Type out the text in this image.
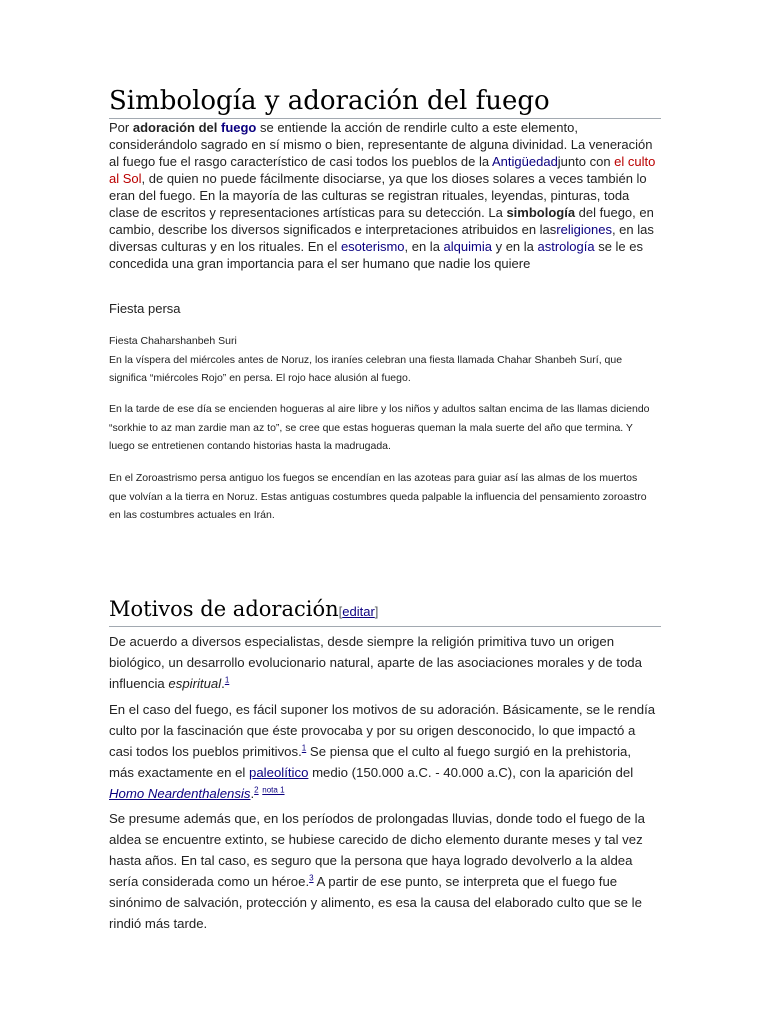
Simbología y adoración del fuego
Por adoración del fuego se entiende la acción de rendirle culto a este elemento, considerándolo sagrado en sí mismo o bien, representante de alguna divinidad. La veneración al fuego fue el rasgo característico de casi todos los pueblos de la Antigüedadjunto con el culto al Sol, de quien no puede fácilmente disociarse, ya que los dioses solares a veces también lo eran del fuego. En la mayoría de las culturas se registran rituales, leyendas, pinturas, toda clase de escritos y representaciones artísticas para su detección. La simbología del fuego, en cambio, describe los diversos significados e interpretaciones atribuidos en lasreligiones, en las diversas culturas y en los rituales. En el esoterismo, en la alquimia y en la astrología se le es concedida una gran importancia para el ser humano que nadie los quiere
Fiesta persa
Fiesta Chaharshanbeh Suri
En la víspera del miércoles antes de Noruz, los iraníes celebran una fiesta llamada Chahar Shanbeh Surí, que significa “miércoles Rojo” en persa. El rojo hace alusión al fuego.
En la tarde de ese día se encienden hogueras al aire libre y los niños y adultos saltan encima de las llamas diciendo “sorkhie to az man zardie man az to”, se cree que estas hogueras queman la mala suerte del año que termina. Y luego se entretienen contando historias hasta la madrugada.
En el Zoroastrismo persa antiguo los fuegos se encendían en las azoteas para guiar así las almas de los muertos que volvían a la tierra en Noruz. Estas antiguas costumbres queda palpable la influencia del pensamiento zoroastro en las costumbres actuales en Irán.
Motivos de adoración[editar]
De acuerdo a diversos especialistas, desde siempre la religión primitiva tuvo un origen biológico, un desarrollo evolucionario natural, aparte de las asociaciones morales y de toda influencia espiritual.$^1$
En el caso del fuego, es fácil suponer los motivos de su adoración. Básicamente, se le rendía culto por la fascinación que éste provocaba y por su origen desconocido, lo que impactó a casi todos los pueblos primitivos.$^1$ Se piensa que el culto al fuego surgió en la prehistoria, más exactamente en el paleolítico medio (150.000 a.C. - 40.000 a.C), con la aparición del Homo Neardenthalensis.$^2$ $^{nota 1}$
Se presume además que, en los períodos de prolongadas lluvias, donde todo el fuego de la aldea se encuentre extinto, se hubiese carecido de dicho elemento durante meses y tal vez hasta años. En tal caso, es seguro que la persona que haya logrado devolverlo a la aldea sería considerada como un héroe.$^3$ A partir de ese punto, se interpreta que el fuego fue sinónimo de salvación, protección y alimento, es esa la causa del elaborado culto que se le rindió más tarde.
